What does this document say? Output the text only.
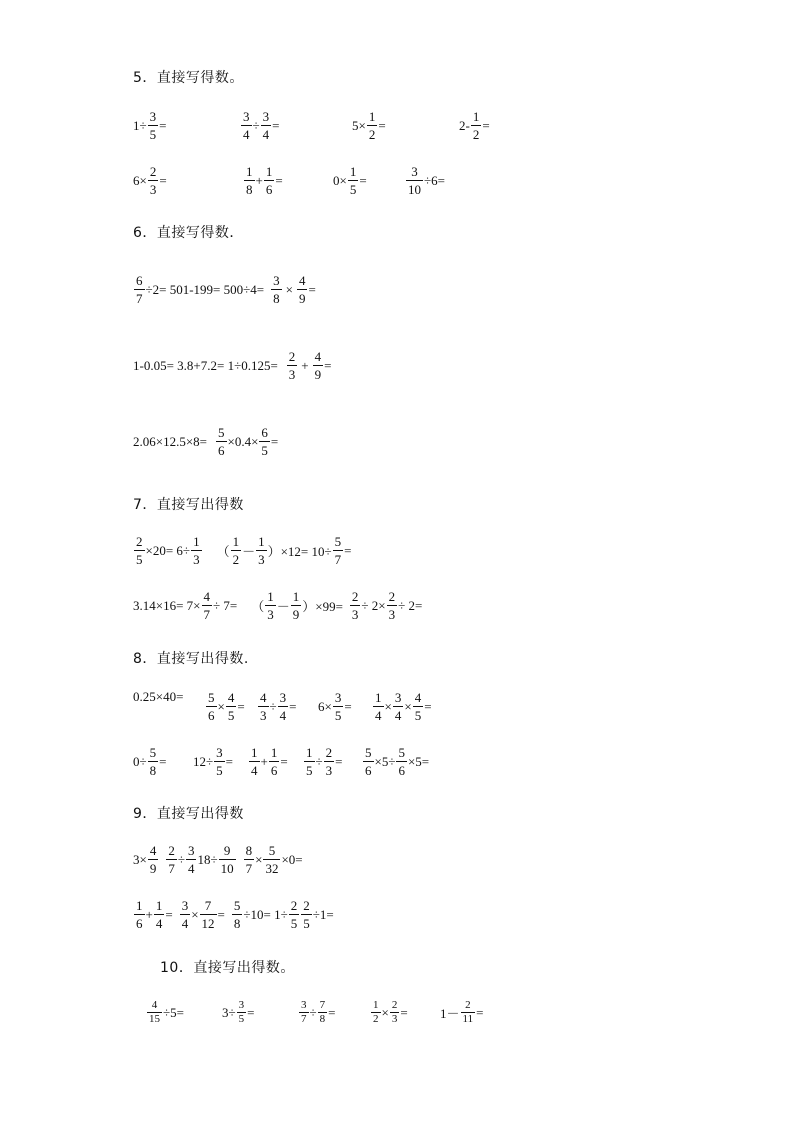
5．直接写得数。
$1\div \frac{3}{5}$ =	$\frac{3}{4} \div \frac{3}{4}$ =	$5\times \frac{1}{2}$ =	$2- \frac{1}{2}$ =
$6\times \frac{2}{3}$ =	$\frac{1}{8} + \frac{1}{6}$ =	$0\times \frac{1}{5}$ =	$\frac{3}{10} \div 6=$
6．直接写得数．
$\frac{6}{7} \div 2= 501-199= 500\div 4= \frac{3}{8} \times \frac{4}{9}$ =
$1-0.05= 3.8+7.2= 1\div 0.125= \frac{2}{3} + \frac{4}{9}$ =
$2.06\times 12.5\times 8= \frac{5}{6} \times 0.4\times \frac{6}{5}$ =
7．直接写出得数
$\frac{2}{5} \times 20= 6\div \frac{1}{3}$ （ $\frac{1}{2} - \frac{1}{3} )\times 12= 10\div \frac{5}{7}$ =
$3.14\times 16= 7\times \frac{4}{7} \div 7=$ （ $\frac{1}{3} - \frac{1}{9} )\times 99= \frac{2}{3} \div 2\times \frac{2}{3} \div 2=$
8．直接写出得数.
$0.25\times 40= \frac{5}{6} \times \frac{4}{5} = \frac{4}{3} \div \frac{3}{4} = 6\times \frac{3}{5} = \frac{1}{4} \times \frac{3}{4} \times \frac{4}{5}$ =
$0\div \frac{5}{8} = 12\div \frac{3}{5} = \frac{1}{4} + \frac{1}{6} = \frac{1}{5} \div \frac{2}{3} = \frac{5}{6} \times 5\div \frac{5}{6} \times 5=$
9．直接写出得数
$3\times \frac{4}{9} \frac{2}{7} \div \frac{3}{4} 18\div \frac{9}{10} \frac{8}{7} \times \frac{5}{32} \times 0=$
$\frac{1}{6} + \frac{1}{4} = \frac{3}{4} \times \frac{7}{12} = \frac{5}{8} \div 10= 1\div \frac{2}{5} \frac{2}{5} \div 1=$
10．直接写出得数。
$\frac{4}{15} \div 5=$	$3\div \frac{3}{5}$ =	$\frac{3}{7} \div \frac{7}{8}$ =	$\frac{1}{2} \times \frac{2}{3} = 1- \frac{2}{11}$ =
